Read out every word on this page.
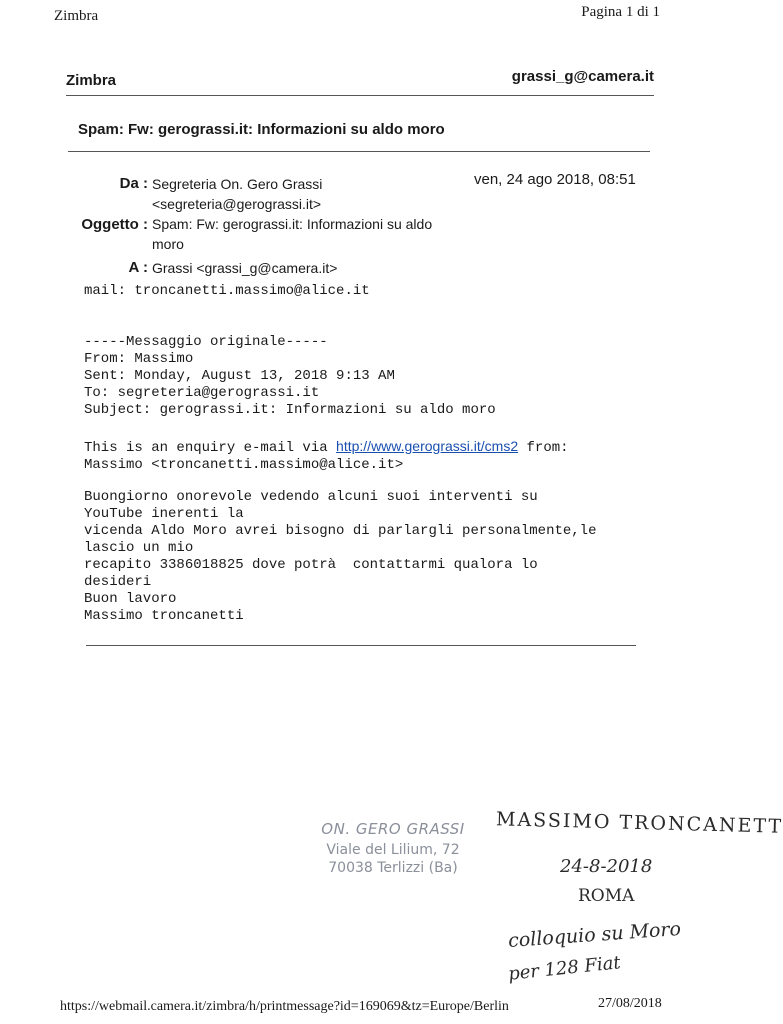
Zimbra	Pagina 1 di 1
Zimbra	grassi_g@camera.it
Spam: Fw: gerograssi.it: Informazioni su aldo moro
Da : Segreteria On. Gero Grassi
<segreteria@gerograssi.it>
ven, 24 ago 2018, 08:51
Oggetto : Spam: Fw: gerograssi.it: Informazioni su aldo
moro
A : Grassi <grassi_g@camera.it>
mail: troncanetti.massimo@alice.it
-----Messaggio originale-----
From: Massimo
Sent: Monday, August 13, 2018 9:13 AM
To: segreteria@gerograssi.it
Subject: gerograssi.it: Informazioni su aldo moro
This is an enquiry e-mail via http://www.gerograssi.it/cms2 from:
Massimo <troncanetti.massimo@alice.it>
Buongiorno onorevole vedendo alcuni suoi interventi su
YouTube inerenti la
vicenda Aldo Moro avrei bisogno di parlargli personalmente,le
lascio un mio
recapito 3386018825 dove potrà  contattarmi qualora lo
desideri
Buon lavoro
Massimo troncanetti
ON. GERO GRASSI
Viale del Lilium, 72
70038 Terlizzi (Ba)
MASSIMO TRONCANETT
24-8-2018
ROMA
colloquio su Moro
per 128 Fiat
https://webmail.camera.it/zimbra/h/printmessage?id=169069&tz=Europe/Berlin	27/08/2018
